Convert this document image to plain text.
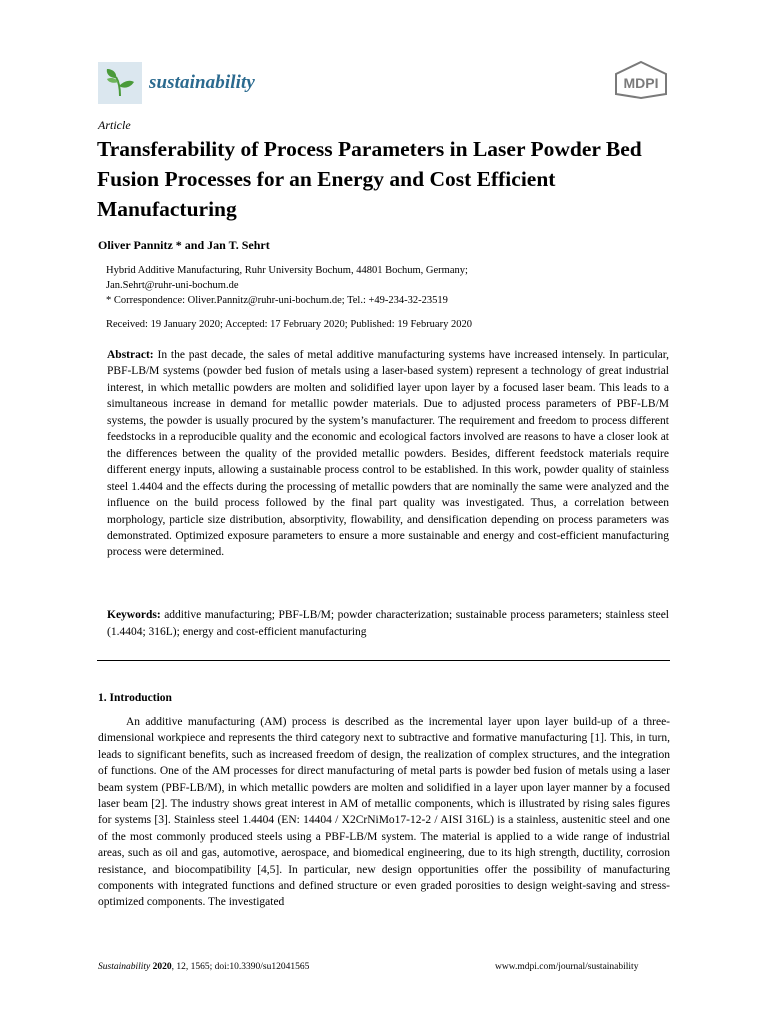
sustainability	MDPI
Article
Transferability of Process Parameters in Laser Powder Bed Fusion Processes for an Energy and Cost Efficient Manufacturing
Oliver Pannitz * and Jan T. Sehrt
Hybrid Additive Manufacturing, Ruhr University Bochum, 44801 Bochum, Germany;
Jan.Sehrt@ruhr-uni-bochum.de
* Correspondence: Oliver.Pannitz@ruhr-uni-bochum.de; Tel.: +49-234-32-23519
Received: 19 January 2020; Accepted: 17 February 2020; Published: 19 February 2020
Abstract: In the past decade, the sales of metal additive manufacturing systems have increased intensely. In particular, PBF-LB/M systems (powder bed fusion of metals using a laser-based system) represent a technology of great industrial interest, in which metallic powders are molten and solidified layer upon layer by a focused laser beam. This leads to a simultaneous increase in demand for metallic powder materials. Due to adjusted process parameters of PBF-LB/M systems, the powder is usually procured by the system’s manufacturer. The requirement and freedom to process different feedstocks in a reproducible quality and the economic and ecological factors involved are reasons to have a closer look at the differences between the quality of the provided metallic powders. Besides, different feedstock materials require different energy inputs, allowing a sustainable process control to be established. In this work, powder quality of stainless steel 1.4404 and the effects during the processing of metallic powders that are nominally the same were analyzed and the influence on the build process followed by the final part quality was investigated. Thus, a correlation between morphology, particle size distribution, absorptivity, flowability, and densification depending on process parameters was demonstrated. Optimized exposure parameters to ensure a more sustainable and energy and cost-efficient manufacturing process were determined.
Keywords: additive manufacturing; PBF-LB/M; powder characterization; sustainable process parameters; stainless steel (1.4404; 316L); energy and cost-efficient manufacturing
1. Introduction
An additive manufacturing (AM) process is described as the incremental layer upon layer build-up of a three-dimensional workpiece and represents the third category next to subtractive and formative manufacturing [1]. This, in turn, leads to significant benefits, such as increased freedom of design, the realization of complex structures, and the integration of functions. One of the AM processes for direct manufacturing of metal parts is powder bed fusion of metals using a laser beam system (PBF-LB/M), in which metallic powders are molten and solidified in a layer upon layer manner by a focused laser beam [2]. The industry shows great interest in AM of metallic components, which is illustrated by rising sales figures for systems [3]. Stainless steel 1.4404 (EN: 14404 / X2CrNiMo17-12-2 / AISI 316L) is a stainless, austenitic steel and one of the most commonly produced steels using a PBF-LB/M system. The material is applied to a wide range of industrial areas, such as oil and gas, automotive, aerospace, and biomedical engineering, due to its high strength, ductility, corrosion resistance, and biocompatibility [4,5]. In particular, new design opportunities offer the possibility of manufacturing components with integrated functions and defined structure or even graded porosities to design weight-saving and stress-optimized components. The investigated
Sustainability 2020, 12, 1565; doi:10.3390/su12041565	www.mdpi.com/journal/sustainability
